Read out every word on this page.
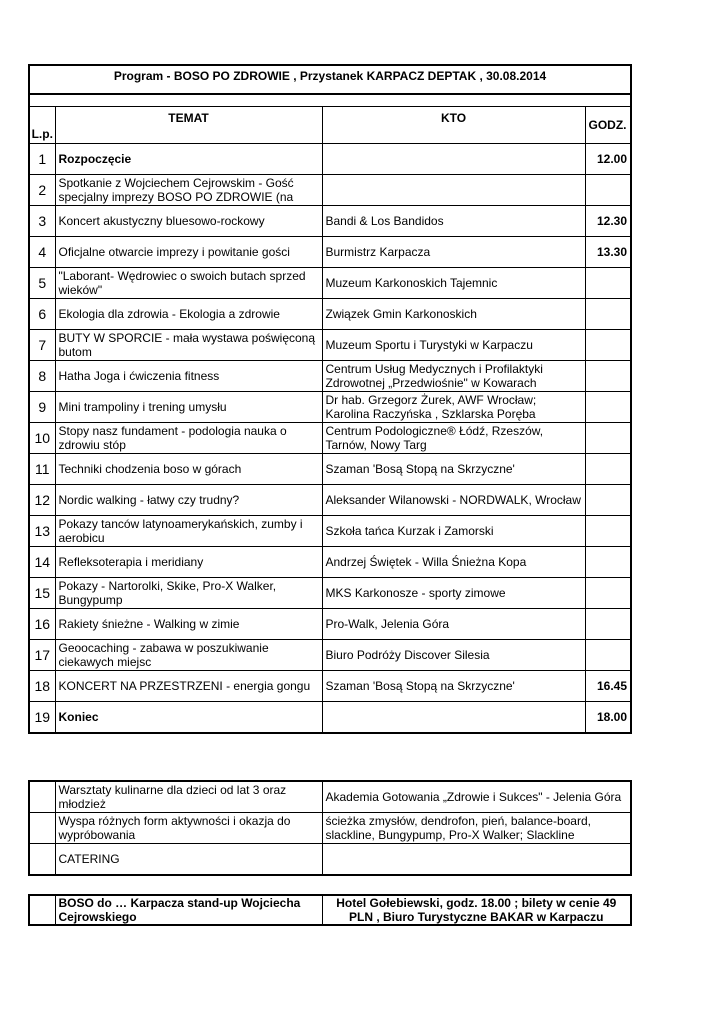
Program - BOSO PO ZDROWIE , Przystanek KARPACZ DEPTAK , 30.08.2014			

L.p.	TEMAT	KTO	GODZ.
1	Rozpoczęcie		12.00
2	Spotkanie z Wojciechem Cejrowskim - Gość specjalny imprezy BOSO PO ZDROWIE (na		
3	Koncert akustyczny bluesowo-rockowy	Bandi & Los Bandidos	12.30
4	Oficjalne otwarcie imprezy i powitanie gości	Burmistrz Karpacza	13.30
5	"Laborant- Wędrowiec o swoich butach sprzed wieków"	Muzeum Karkonoskich Tajemnic	
6	Ekologia dla zdrowia - Ekologia a zdrowie	Związek Gmin Karkonoskich	
7	BUTY W SPORCIE - mała wystawa poświęconą butom	Muzeum Sportu i Turystyki w Karpaczu	
8	Hatha Joga i ćwiczenia fitness	Centrum Usług Medycznych i Profilaktyki Zdrowotnej „Przedwiośnie" w Kowarach	
9	Mini trampoliny i trening umysłu	Dr hab. Grzegorz Żurek, AWF Wrocław; Karolina Raczyńska , Szklarska Poręba	
10	Stopy nasz fundament - podologia nauka o zdrowiu stóp	Centrum Podologiczne® Łódź, Rzeszów, Tarnów, Nowy Targ	
11	Techniki chodzenia boso w górach	Szaman 'Bosą Stopą na Skrzyczne'	
12	Nordic walking - łatwy czy trudny?	Aleksander Wilanowski - NORDWALK, Wrocław	
13	Pokazy tanców latynoamerykańskich, zumby i aerobicu	Szkoła tańca Kurzak i Zamorski	
14	Refleksoterapia i meridiany	Andrzej Świętek - Willa Śnieżna Kopa	
15	Pokazy - Nartorolki, Skike, Pro-X Walker, Bungypump	MKS Karkonosze - sporty zimowe	
16	Rakiety śnieżne - Walking w zimie	Pro-Walk, Jelenia Góra	
17	Geoocaching - zabawa w poszukiwanie ciekawych miejsc	Biuro Podróży Discover Silesia	
18	KONCERT NA PRZESTRZENI - energia gongu	Szaman 'Bosą Stopą na Skrzyczne'	16.45
19	Koniec		18.00
	Warsztaty kulinarne dla dzieci od lat 3 oraz młodzież	Akademia Gotowania „Zdrowie i Sukces" - Jelenia Góra
	Wyspa różnych form aktywności i okazja do wypróbowania	ścieżka zmysłów, dendrofon, pień, balance-board, slackline, Bungypump, Pro-X Walker; Slackline
	CATERING	
	BOSO do … Karpacza stand-up Wojciecha Cejrowskiego	Hotel Gołebiewski, godz. 18.00 ; bilety w cenie 49 PLN , Biuro Turystyczne BAKAR w Karpaczu
